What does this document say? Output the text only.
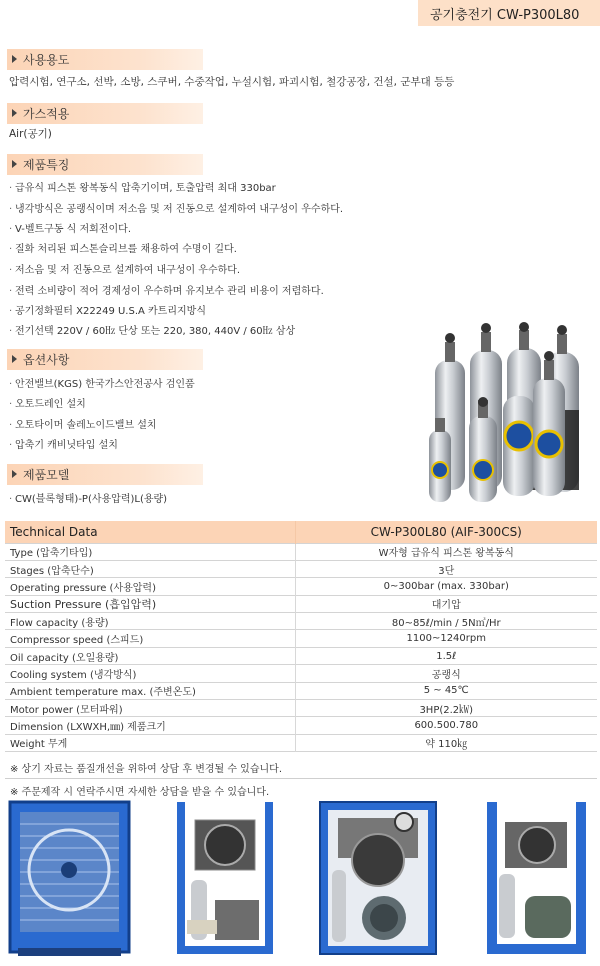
공기충전기 CW-P300L80
사용용도
압력시험, 연구소, 선박, 소방, 스쿠버, 수중작업, 누설시험, 파괴시험, 철강공장, 건설, 군부대 등등
가스적용
Air(공기)
제품특징
· 급유식 피스톤 왕복동식 압축기이며, 토출압력 최대 330bar
· 냉각방식은 공랭식이며 저소음 및 저 진동으로 설계하여 내구성이 우수하다.
· V-벨트구동 식 저회전이다.
· 질화 처리된 피스톤슬리브를 채용하여 수명이 길다.
· 저소음 및 저 진동으로 설계하여 내구성이 우수하다.
· 전력 소비량이 적어 경제성이 우수하며 유지보수 관리 비용이 저렴하다.
· 공기정화필터 X22249 U.S.A 카트리지방식
· 전기선택 220V / 60㎐ 단상 또는 220, 380, 440V / 60㎐ 삼상
옵션사항
· 안전밸브(KGS) 한국가스안전공사 검인품
· 오토드레인 설치
· 오토타이머 솔레노이드밸브 설치
· 압축기 캐비닛타입 설치
제품모델
· CW(블록형태)-P(사용압력)L(용량)
Technical Data	CW-P300L80 (AIF-300CS)
Type (압축기타입)	W자형 급유식 피스톤 왕복동식
Stages (압축단수)	3단
Operating pressure (사용압력)	0~300bar (max. 330bar)
Suction Pressure (흡입압력)	대기압
Flow capacity (용량)	80~85ℓ/min / 5N㎥/Hr
Compressor speed (스피드)	1100~1240rpm
Oil capacity (오일용량)	1.5ℓ
Cooling system (냉각방식)	공랭식
Ambient temperature max. (주변온도)	5 ~ 45℃
Motor power (모터파워)	3HP(2.2㎾)
Dimension (LXWXH,㎜) 제품크기	600.500.780
Weight 무게	약 110㎏
※ 상기 자료는 품질개선을 위하여 상담 후 변경될 수 있습니다.
※ 주문제작 시 연락주시면 자세한 상담을 받을 수 있습니다.
